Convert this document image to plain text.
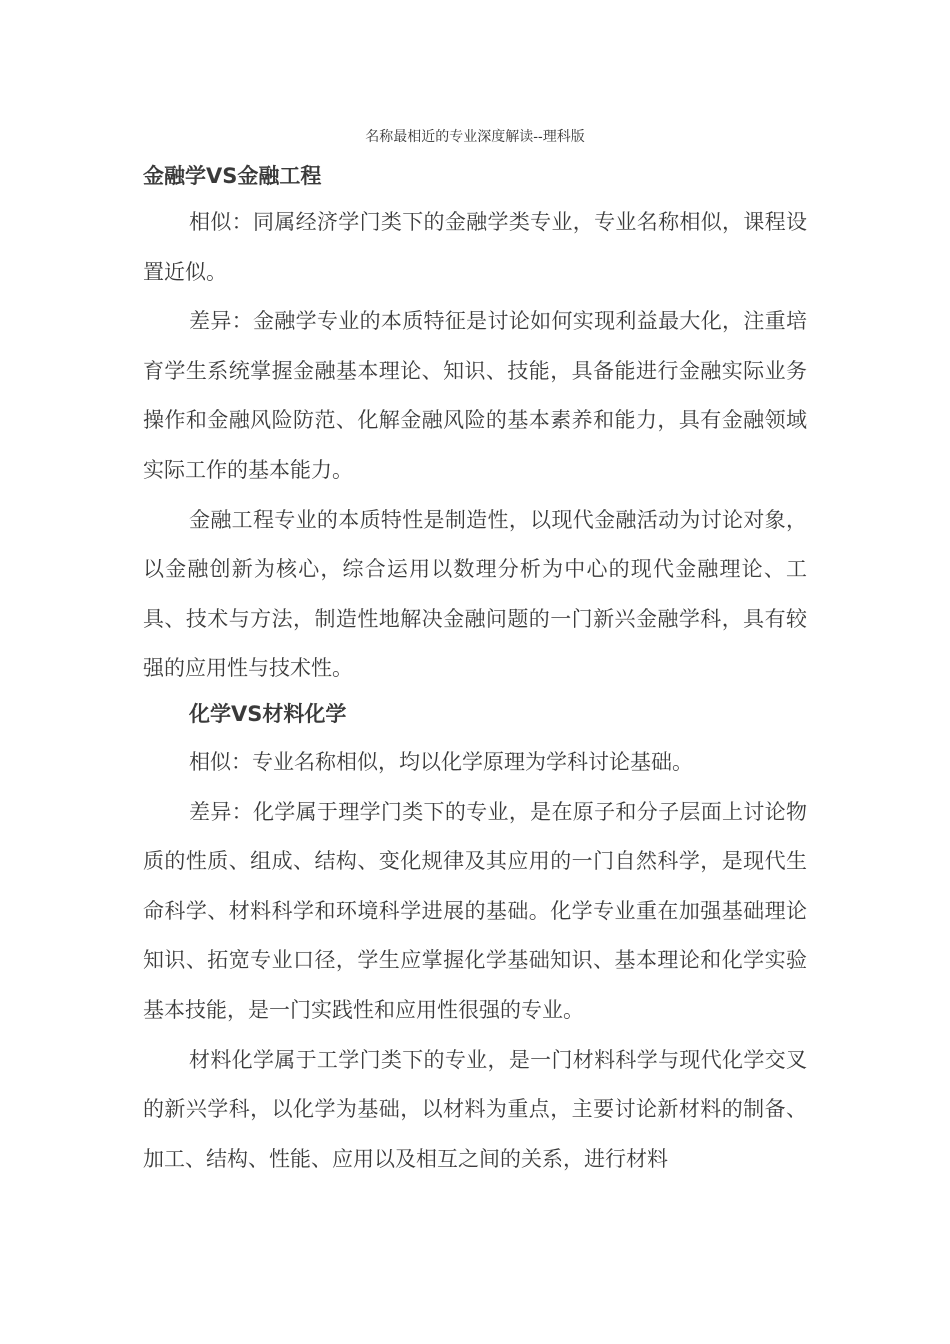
名称最相近的专业深度解读--理科版

金融学VS金融工程

相似：同属经济学门类下的金融学类专业，专业名称相似，课程设置近似。

差异：金融学专业的本质特征是讨论如何实现利益最大化，注重培育学生系统掌握金融基本理论、知识、技能，具备能进行金融实际业务操作和金融风险防范、化解金融风险的基本素养和能力，具有金融领域实际工作的基本能力。

金融工程专业的本质特性是制造性，以现代金融活动为讨论对象，以金融创新为核心，综合运用以数理分析为中心的现代金融理论、工具、技术与方法，制造性地解决金融问题的一门新兴金融学科，具有较强的应用性与技术性。

化学VS材料化学

相似：专业名称相似，均以化学原理为学科讨论基础。

差异：化学属于理学门类下的专业，是在原子和分子层面上讨论物质的性质、组成、结构、变化规律及其应用的一门自然科学，是现代生命科学、材料科学和环境科学进展的基础。化学专业重在加强基础理论知识、拓宽专业口径，学生应掌握化学基础知识、基本理论和化学实验基本技能，是一门实践性和应用性很强的专业。

材料化学属于工学门类下的专业，是一门材料科学与现代化学交叉的新兴学科，以化学为基础，以材料为重点，主要讨论新材料的制备、加工、结构、性能、应用以及相互之间的关系，进行材料
